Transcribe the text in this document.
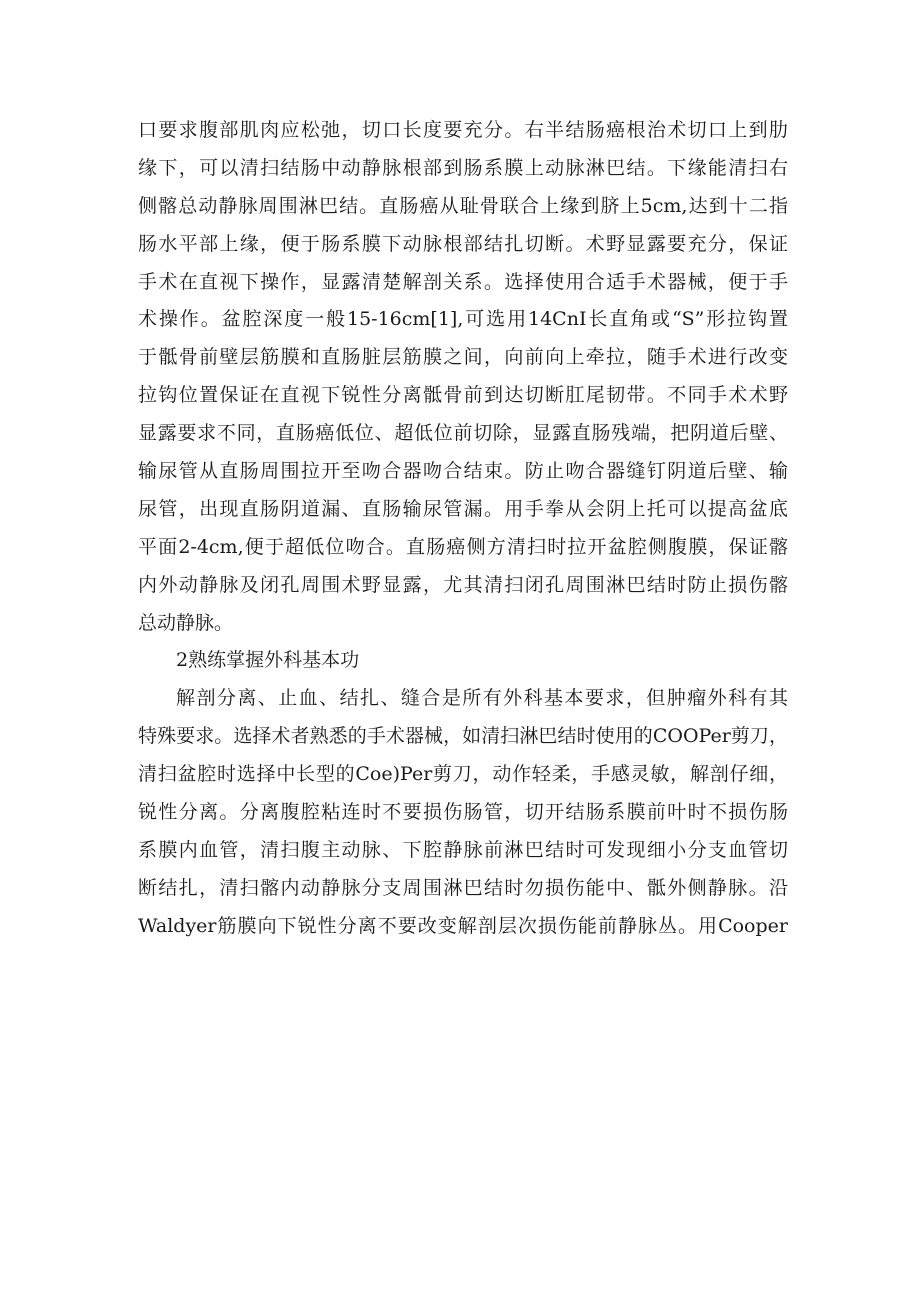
口要求腹部肌肉应松弛，切口长度要充分。右半结肠癌根治术切口上到肋
缘下，可以清扫结肠中动静脉根部到肠系膜上动脉淋巴结。下缘能清扫右
侧髂总动静脉周围淋巴结。直肠癌从耻骨联合上缘到脐上5cm,达到十二指
肠水平部上缘，便于肠系膜下动脉根部结扎切断。术野显露要充分，保证
手术在直视下操作，显露清楚解剖关系。选择使用合适手术器械，便于手
术操作。盆腔深度一般15-16cm[1],可选用14CnI长直角或“S”形拉钩置
于骶骨前壁层筋膜和直肠脏层筋膜之间，向前向上牵拉，随手术进行改变
拉钩位置保证在直视下锐性分离骶骨前到达切断肛尾韧带。不同手术术野
显露要求不同，直肠癌低位、超低位前切除，显露直肠残端，把阴道后壁、
输尿管从直肠周围拉开至吻合器吻合结束。防止吻合器缝钉阴道后壁、输
尿管，出现直肠阴道漏、直肠输尿管漏。用手拳从会阴上托可以提高盆底
平面2-4cm,便于超低位吻合。直肠癌侧方清扫时拉开盆腔侧腹膜，保证髂
内外动静脉及闭孔周围术野显露，尤其清扫闭孔周围淋巴结时防止损伤髂
总动静脉。
2熟练掌握外科基本功
解剖分离、止血、结扎、缝合是所有外科基本要求，但肿瘤外科有其
特殊要求。选择术者熟悉的手术器械，如清扫淋巴结时使用的COOPer剪刀，
清扫盆腔时选择中长型的Coe)Per剪刀，动作轻柔，手感灵敏，解剖仔细，
锐性分离。分离腹腔粘连时不要损伤肠管，切开结肠系膜前叶时不损伤肠
系膜内血管，清扫腹主动脉、下腔静脉前淋巴结时可发现细小分支血管切
断结扎，清扫髂内动静脉分支周围淋巴结时勿损伤能中、骶外侧静脉。沿
Waldyer筋膜向下锐性分离不要改变解剖层次损伤能前静脉丛。用Cooper
